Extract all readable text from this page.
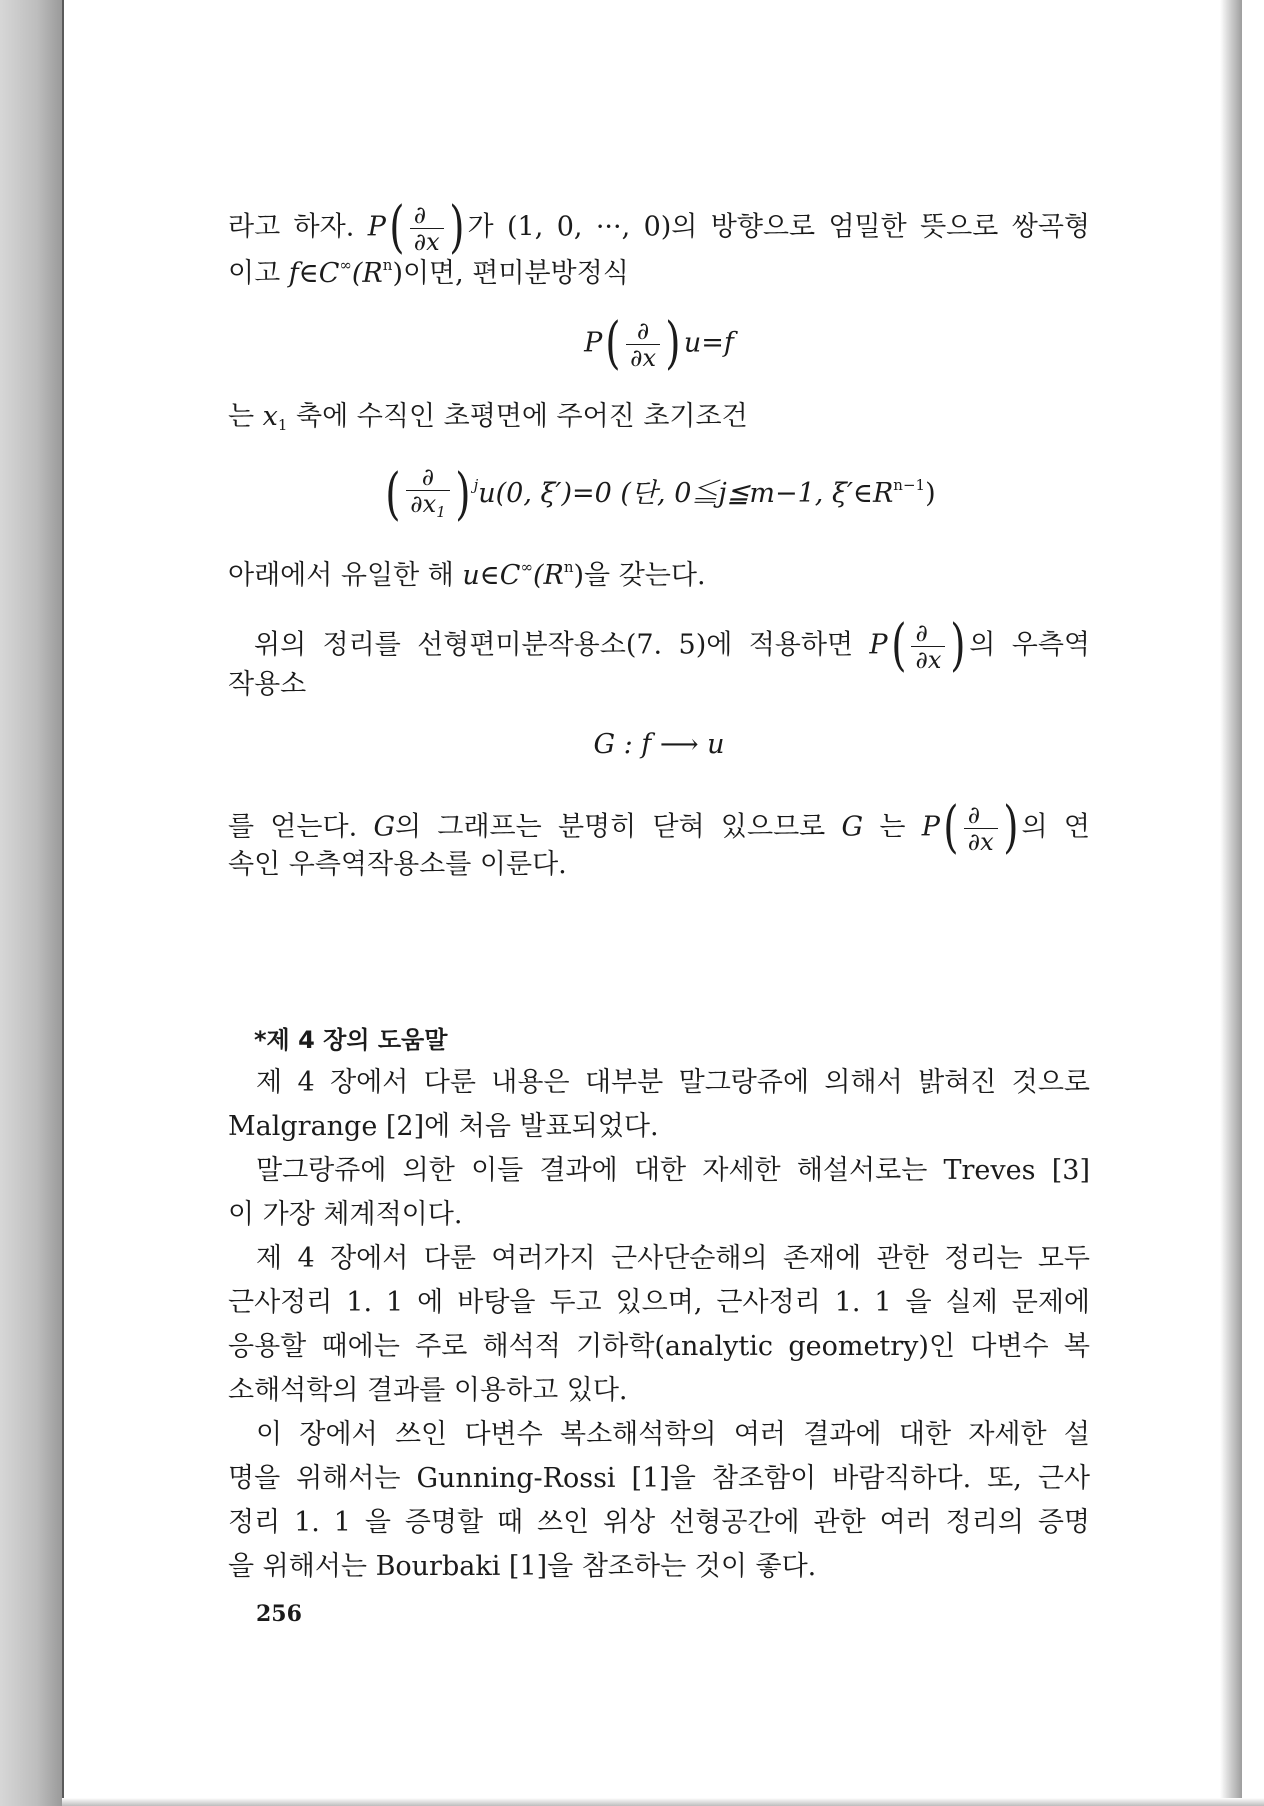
라고 하자. $P( \frac{\partial}{\partial x}$ ) 가 (1, 0, ···, 0)의 방향으로 엄밀한 뜻으로 쌍곡형
이고 $f\in C^\infty(R^n)$이면, 편미분방정식
$P( \frac{\partial}{\partial x}$ ) u=f
는 $x_1$ 축에 수직인 초평면에 주어진 초기조건
( $\frac{\partial}{\partial x_1}$ ) $^j$u(0, ξ′)=0 (단, 0≦j≦m−1, $\xi'\in R^{n-1}$)
아래에서 유일한 해 $u\in C^\infty(R^n)$을 갖는다.
위의 정리를 선형편미분작용소(7. 5)에 적용하면 $P( \frac{\partial}{\partial x}$ ) 의 우측역
작용소
G : f ⟶ u
를 얻는다. G의 그래프는 분명히 닫혀 있으므로 G 는 $P( \frac{\partial}{\partial x}$ ) 의 연
속인 우측역작용소를 이룬다.
*제 4 장의 도움말
제 4 장에서 다룬 내용은 대부분 말그랑쥬에 의해서 밝혀진 것으로
Malgrange [2]에 처음 발표되었다.
말그랑쥬에 의한 이들 결과에 대한 자세한 해설서로는 Treves [3]
이 가장 체계적이다.
제 4 장에서 다룬 여러가지 근사단순해의 존재에 관한 정리는 모두
근사정리 1. 1 에 바탕을 두고 있으며, 근사정리 1. 1 을 실제 문제에
응용할 때에는 주로 해석적 기하학(analytic geometry)인 다변수 복
소해석학의 결과를 이용하고 있다.
이 장에서 쓰인 다변수 복소해석학의 여러 결과에 대한 자세한 설
명을 위해서는 Gunning-Rossi [1]을 참조함이 바람직하다. 또, 근사
정리 1. 1 을 증명할 때 쓰인 위상 선형공간에 관한 여러 정리의 증명
을 위해서는 Bourbaki [1]을 참조하는 것이 좋다.
256
